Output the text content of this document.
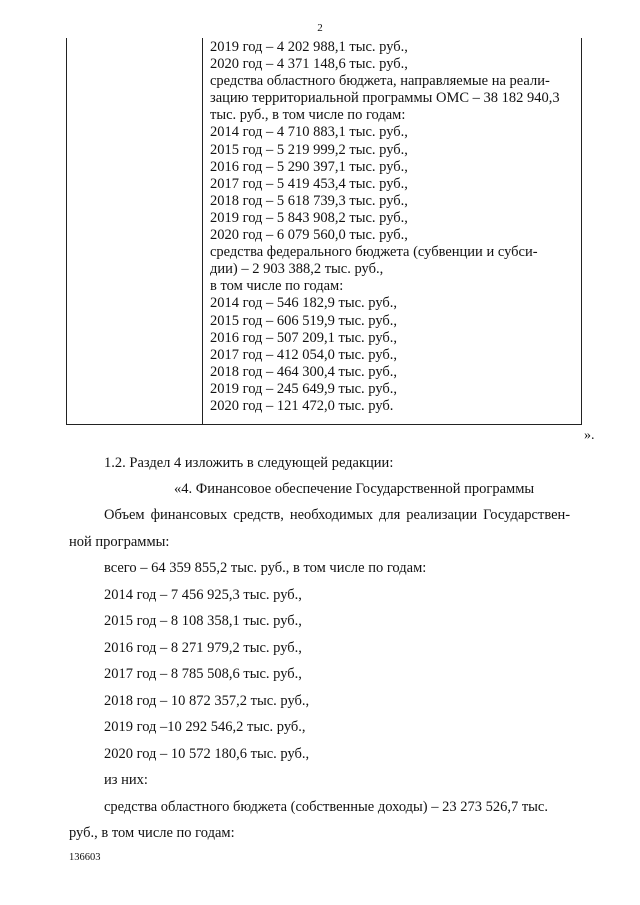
2
2019 год – 4 202 988,1 тыс. руб.,
2020 год – 4 371 148,6 тыс. руб.,
средства областного бюджета, направляемые на реали-
зацию территориальной программы ОМС – 38 182 940,3
тыс. руб., в том числе по годам:
2014 год – 4 710 883,1 тыс. руб.,
2015 год – 5 219 999,2 тыс. руб.,
2016 год – 5 290 397,1 тыс. руб.,
2017 год – 5 419 453,4 тыс. руб.,
2018 год – 5 618 739,3 тыс. руб.,
2019 год – 5 843 908,2 тыс. руб.,
2020 год – 6 079 560,0 тыс. руб.,
средства федерального бюджета (субвенции и субси-
дии) – 2 903 388,2 тыс. руб.,
в том числе по годам:
2014 год – 546 182,9 тыс. руб.,
2015 год – 606 519,9 тыс. руб.,
2016 год – 507 209,1 тыс. руб.,
2017 год – 412 054,0 тыс. руб.,
2018 год – 464 300,4 тыс. руб.,
2019 год – 245 649,9 тыс. руб.,
2020 год – 121 472,0 тыс. руб.
».
1.2. Раздел 4 изложить в следующей редакции:
«4. Финансовое обеспечение Государственной программы
Объем финансовых средств, необходимых для реализации Государствен-
ной программы:
всего – 64 359 855,2 тыс. руб., в том числе по годам:
2014 год – 7 456 925,3 тыс. руб.,
2015 год – 8 108 358,1 тыс. руб.,
2016 год – 8 271 979,2 тыс. руб.,
2017 год – 8 785 508,6 тыс. руб.,
2018 год – 10 872 357,2 тыс. руб.,
2019 год –10 292 546,2 тыс. руб.,
2020 год – 10 572 180,6 тыс. руб.,
из них:
средства областного бюджета (собственные доходы) – 23 273 526,7 тыс.
руб., в том числе по годам:
136603
